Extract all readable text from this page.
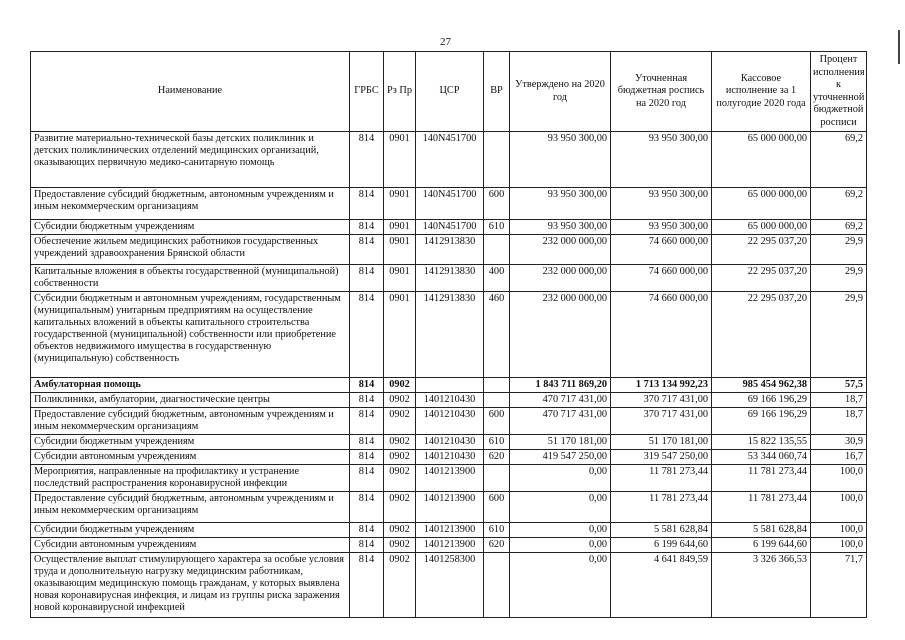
27
Наименование	ГРБС	Рз Пр	ЦСР	ВР	Утверждено на 2020 год	Уточненная бюджетная роспись на 2020 год	Кассовое исполнение за 1 полугодие 2020 года	Процент исполнения к уточненной бюджетной росписи
Развитие материально-технической базы детских поликлиник и детских поликлинических отделений медицинских организаций, оказывающих первичную медико-санитарную помощь	814	0901	140N451700		93 950 300,00	93 950 300,00	65 000 000,00	69,2
Предоставление субсидий бюджетным, автономным учреждениям и иным некоммерческим организациям	814	0901	140N451700	600	93 950 300,00	93 950 300,00	65 000 000,00	69,2
Субсидии бюджетным учреждениям	814	0901	140N451700	610	93 950 300,00	93 950 300,00	65 000 000,00	69,2
Обеспечение жильем медицинских работников государственных учреждений здравоохранения Брянской области	814	0901	1412913830		232 000 000,00	74 660 000,00	22 295 037,20	29,9
Капитальные вложения в объекты государственной (муниципальной) собственности	814	0901	1412913830	400	232 000 000,00	74 660 000,00	22 295 037,20	29,9
Субсидии бюджетным и автономным учреждениям, государственным (муниципальным) унитарным предприятиям на осуществление капитальных вложений в объекты капитального строительства государственной (муниципальной) собственности или приобретение объектов недвижимого имущества в государственную (муниципальную) собственность	814	0901	1412913830	460	232 000 000,00	74 660 000,00	22 295 037,20	29,9
Амбулаторная помощь	814	0902			1 843 711 869,20	1 713 134 992,23	985 454 962,38	57,5
Поликлиники, амбулатории, диагностические центры	814	0902	1401210430		470 717 431,00	370 717 431,00	69 166 196,29	18,7
Предоставление субсидий бюджетным, автономным учреждениям и иным некоммерческим организациям	814	0902	1401210430	600	470 717 431,00	370 717 431,00	69 166 196,29	18,7
Субсидии бюджетным учреждениям	814	0902	1401210430	610	51 170 181,00	51 170 181,00	15 822 135,55	30,9
Субсидии автономным учреждениям	814	0902	1401210430	620	419 547 250,00	319 547 250,00	53 344 060,74	16,7
Мероприятия, направленные на профилактику и устранение последствий распространения коронавирусной инфекции	814	0902	1401213900		0,00	11 781 273,44	11 781 273,44	100,0
Предоставление субсидий бюджетным, автономным учреждениям и иным некоммерческим организациям	814	0902	1401213900	600	0,00	11 781 273,44	11 781 273,44	100,0
Субсидии бюджетным учреждениям	814	0902	1401213900	610	0,00	5 581 628,84	5 581 628,84	100,0
Субсидии автономным учреждениям	814	0902	1401213900	620	0,00	6 199 644,60	6 199 644,60	100,0
Осуществление выплат стимулирующего характера за особые условия труда и дополнительную нагрузку медицинским работникам, оказывающим медицинскую помощь гражданам, у которых выявлена новая коронавирусная инфекция, и лицам из группы риска заражения новой коронавирусной инфекцией	814	0902	1401258300		0,00	4 641 849,59	3 326 366,53	71,7
